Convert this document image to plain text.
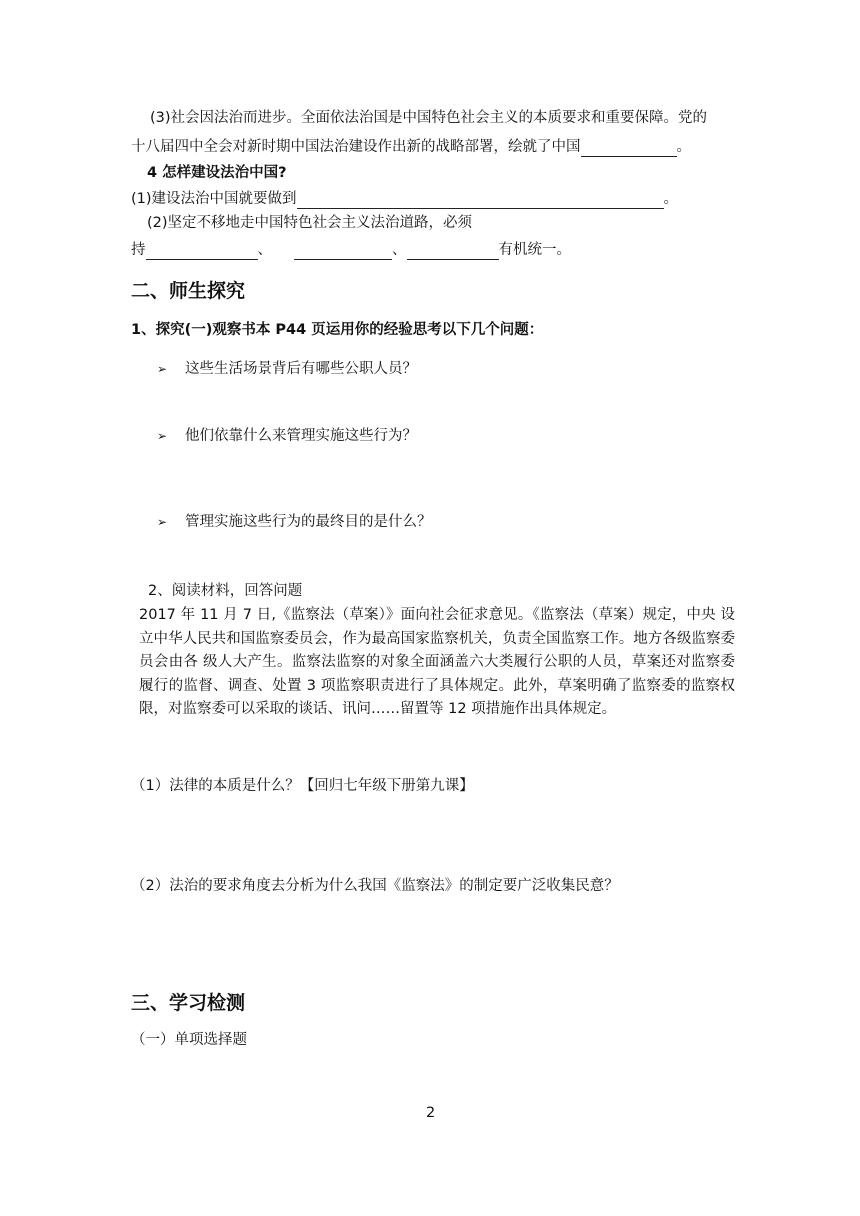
(3)社会因法治而进步。全面依法治国是中国特色社会主义的本质要求和重要保障。党的
十八届四中全会对新时期中国法治建设作出新的战略部署，绘就了中国	。
4 怎样建设法治中国?
(1)建设法治中国就要做到	。
(2)坚定不移地走中国特色社会主义法治道路，必须
持	、	、	有机统一。
二、师生探究
1、探究(一)观察书本 P44 页运用你的经验思考以下几个问题：
➢ 这些生活场景背后有哪些公职人员？
➢ 他们依靠什么来管理实施这些行为？
➢ 管理实施这些行为的最终目的是什么？
2、阅读材料，回答问题
2017 年 11 月 7 日,《监察法（草案）》面向社会征求意见。《监察法（草案）规定，中央 设立中华人民共和国监察委员会，作为最高国家监察机关，负责全国监察工作。地方各级监察委员会由各 级人大产生。监察法监察的对象全面涵盖六大类履行公职的人员，草案还对监察委履行的监督、调查、处置 3 项监察职责进行了具体规定。此外，草案明确了监察委的监察权限，对监察委可以采取的谈话、讯问……留置等 12 项措施作出具体规定。
（1）法律的本质是什么？【回归七年级下册第九课】
（2）法治的要求角度去分析为什么我国《监察法》的制定要广泛收集民意？
三、学习检测
（一）单项选择题
2
